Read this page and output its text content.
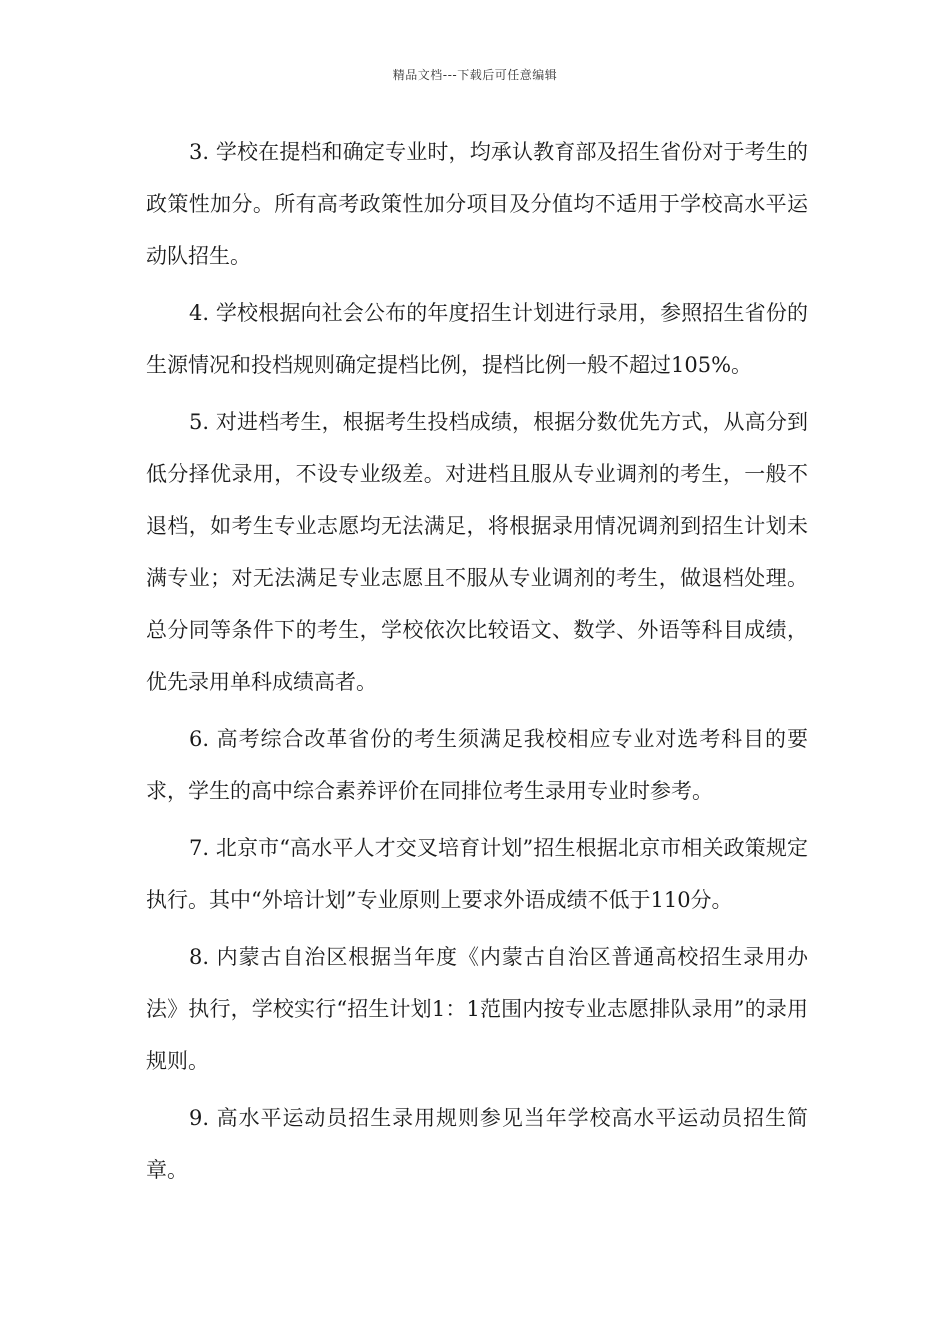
精品文档---下载后可任意编辑

3. 学校在提档和确定专业时，均承认教育部及招生省份对于考生的政策性加分。所有高考政策性加分项目及分值均不适用于学校高水平运动队招生。

4. 学校根据向社会公布的年度招生计划进行录用，参照招生省份的生源情况和投档规则确定提档比例，提档比例一般不超过105%。

5. 对进档考生，根据考生投档成绩，根据分数优先方式，从高分到低分择优录用，不设专业级差。对进档且服从专业调剂的考生，一般不退档，如考生专业志愿均无法满足，将根据录用情况调剂到招生计划未满专业；对无法满足专业志愿且不服从专业调剂的考生，做退档处理。总分同等条件下的考生，学校依次比较语文、数学、外语等科目成绩，优先录用单科成绩高者。

6. 高考综合改革省份的考生须满足我校相应专业对选考科目的要求，学生的高中综合素养评价在同排位考生录用专业时参考。

7. 北京市“高水平人才交叉培育计划”招生根据北京市相关政策规定执行。其中“外培计划”专业原则上要求外语成绩不低于110分。

8. 内蒙古自治区根据当年度《内蒙古自治区普通高校招生录用办法》执行，学校实行“招生计划1：1范围内按专业志愿排队录用”的录用规则。

9. 高水平运动员招生录用规则参见当年学校高水平运动员招生简章。
